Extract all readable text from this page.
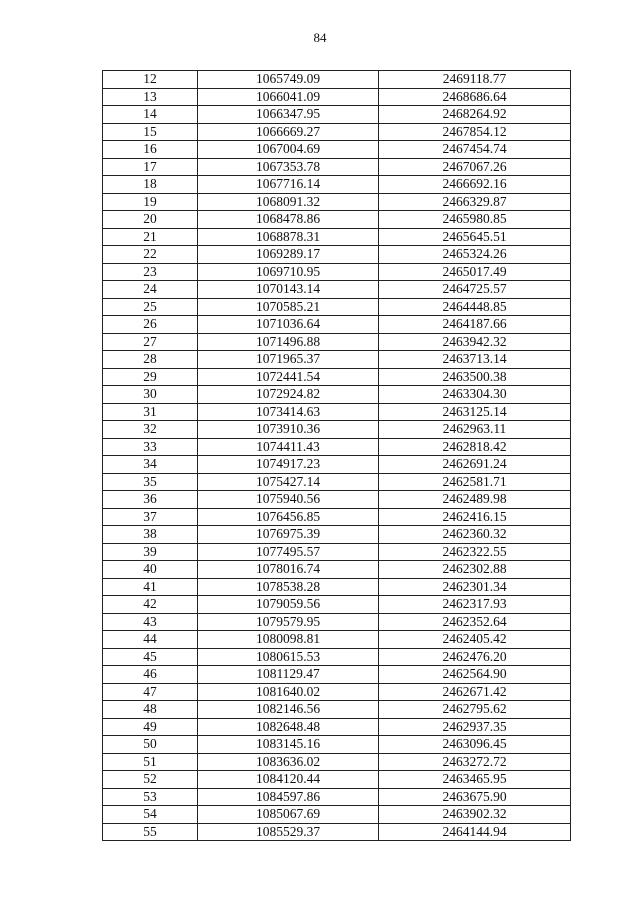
84
12	1065749.09	2469118.77
13	1066041.09	2468686.64
14	1066347.95	2468264.92
15	1066669.27	2467854.12
16	1067004.69	2467454.74
17	1067353.78	2467067.26
18	1067716.14	2466692.16
19	1068091.32	2466329.87
20	1068478.86	2465980.85
21	1068878.31	2465645.51
22	1069289.17	2465324.26
23	1069710.95	2465017.49
24	1070143.14	2464725.57
25	1070585.21	2464448.85
26	1071036.64	2464187.66
27	1071496.88	2463942.32
28	1071965.37	2463713.14
29	1072441.54	2463500.38
30	1072924.82	2463304.30
31	1073414.63	2463125.14
32	1073910.36	2462963.11
33	1074411.43	2462818.42
34	1074917.23	2462691.24
35	1075427.14	2462581.71
36	1075940.56	2462489.98
37	1076456.85	2462416.15
38	1076975.39	2462360.32
39	1077495.57	2462322.55
40	1078016.74	2462302.88
41	1078538.28	2462301.34
42	1079059.56	2462317.93
43	1079579.95	2462352.64
44	1080098.81	2462405.42
45	1080615.53	2462476.20
46	1081129.47	2462564.90
47	1081640.02	2462671.42
48	1082146.56	2462795.62
49	1082648.48	2462937.35
50	1083145.16	2463096.45
51	1083636.02	2463272.72
52	1084120.44	2463465.95
53	1084597.86	2463675.90
54	1085067.69	2463902.32
55	1085529.37	2464144.94
